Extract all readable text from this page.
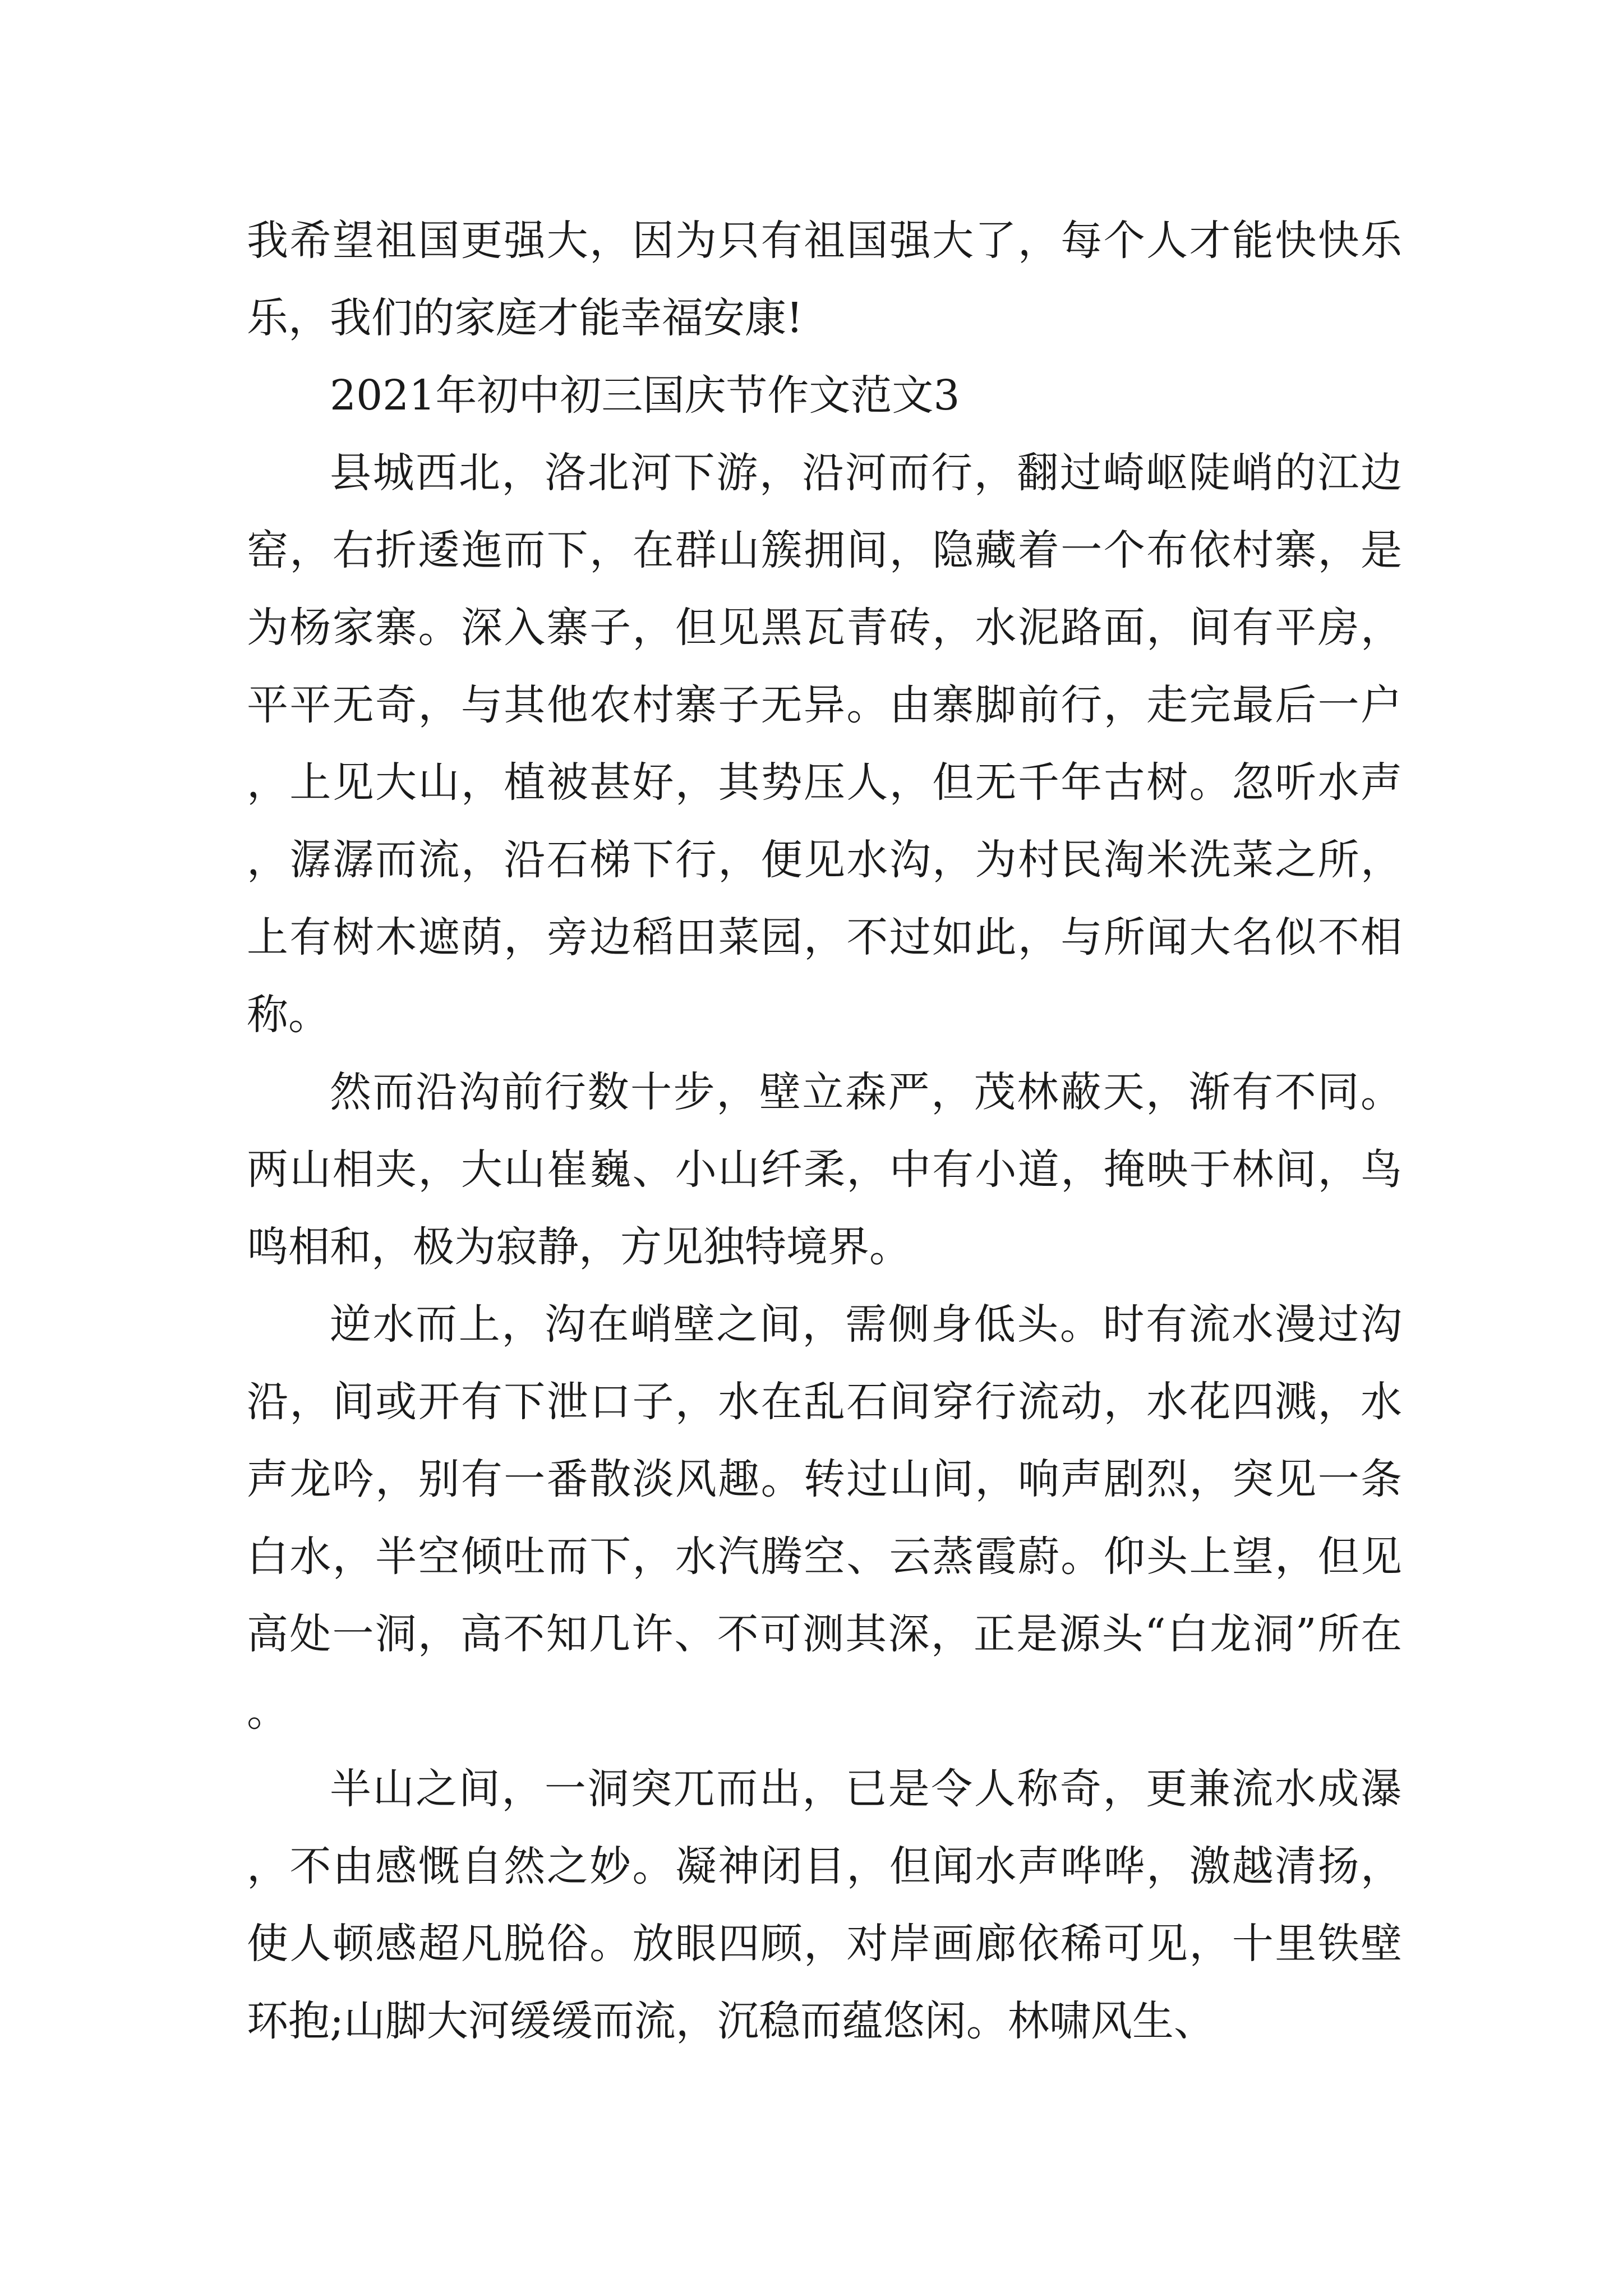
我希望祖国更强大，因为只有祖国强大了，每个人才能快快乐乐，我们的家庭才能幸福安康!

2021年初中初三国庆节作文范文3

县城西北，洛北河下游，沿河而行，翻过崎岖陡峭的江边窑，右折逶迤而下，在群山簇拥间，隐藏着一个布依村寨，是为杨家寨。深入寨子，但见黑瓦青砖，水泥路面，间有平房，平平无奇，与其他农村寨子无异。由寨脚前行，走完最后一户，上见大山，植被甚好，其势压人，但无千年古树。忽听水声，潺潺而流，沿石梯下行，便见水沟，为村民淘米洗菜之所，上有树木遮荫，旁边稻田菜园，不过如此，与所闻大名似不相称。

然而沿沟前行数十步，壁立森严，茂林蔽天，渐有不同。两山相夹，大山崔巍、小山纤柔，中有小道，掩映于林间，鸟鸣相和，极为寂静，方见独特境界。

逆水而上，沟在峭壁之间，需侧身低头。时有流水漫过沟沿，间或开有下泄口子，水在乱石间穿行流动，水花四溅，水声龙吟，别有一番散淡风趣。转过山间，响声剧烈，突见一条白水，半空倾吐而下，水汽腾空、云蒸霞蔚。仰头上望，但见高处一洞，高不知几许、不可测其深，正是源头“白龙洞”所在。

半山之间，一洞突兀而出，已是令人称奇，更兼流水成瀑，不由感慨自然之妙。凝神闭目，但闻水声哗哗，激越清扬，使人顿感超凡脱俗。放眼四顾，对岸画廊依稀可见，十里铁壁环抱;山脚大河缓缓而流，沉稳而蕴悠闲。林啸风生、
